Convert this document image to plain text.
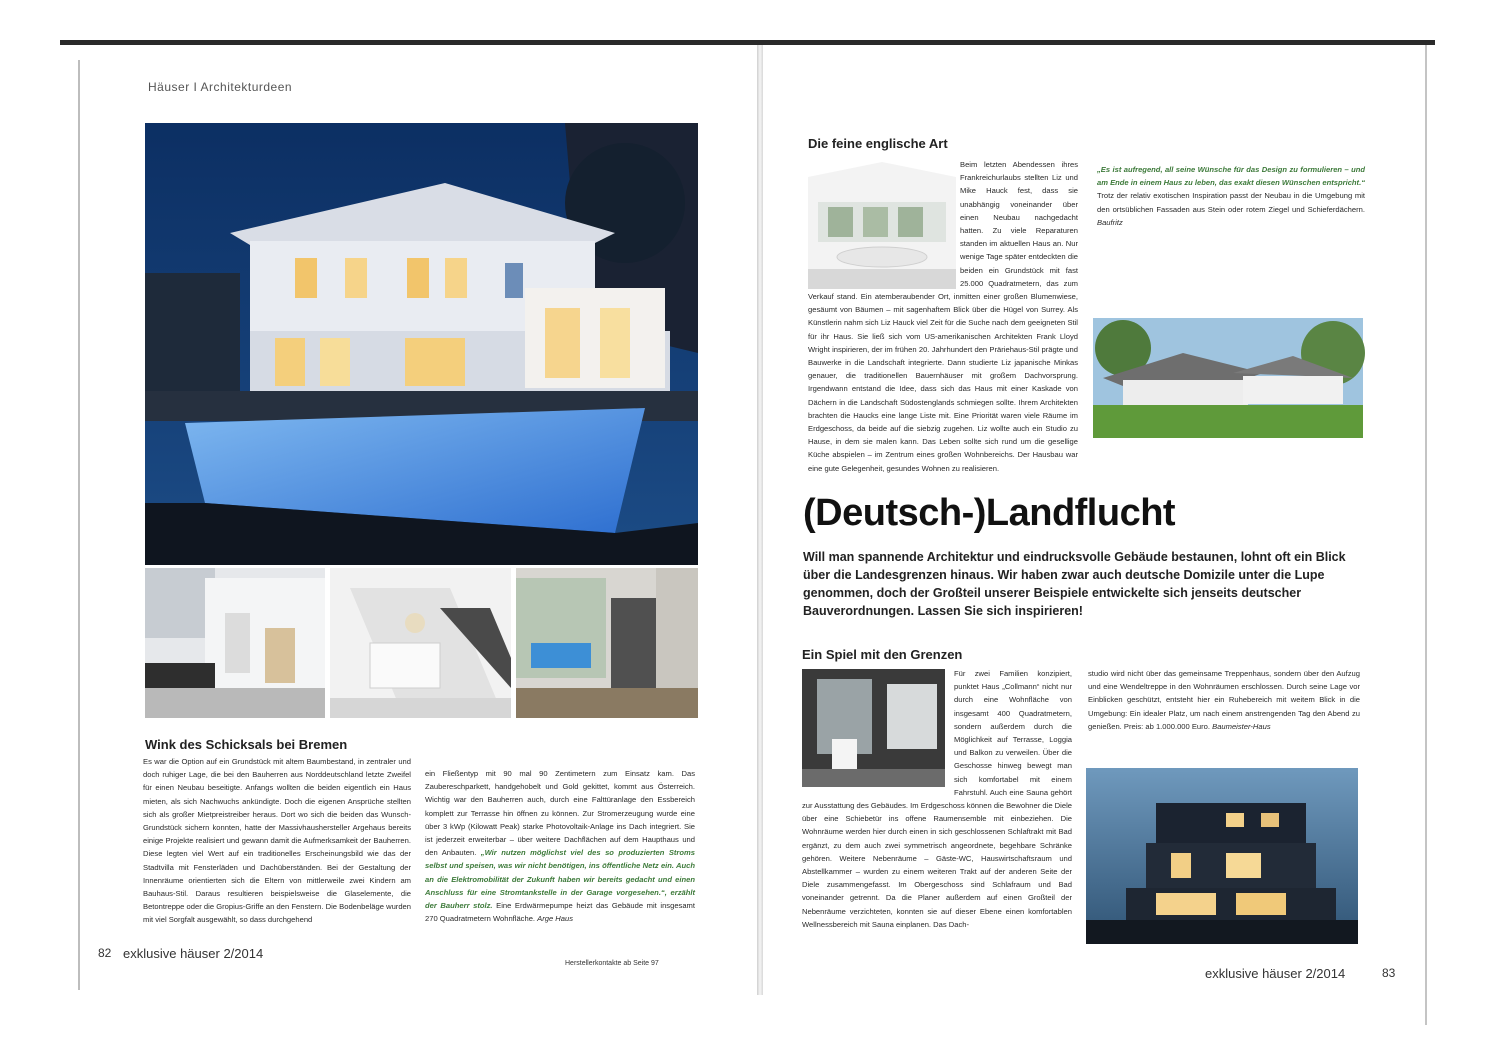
Häuser I Architekturdeen
Wink des Schicksals bei Bremen
Es war die Option auf ein Grundstück mit altem Baumbestand, in zentraler und doch ruhiger Lage, die bei den Bauherren aus Norddeutschland letzte Zweifel für einen Neubau beseitigte. Anfangs wollten die beiden eigentlich ein Haus mieten, als sich Nachwuchs ankündigte. Doch die eigenen Ansprüche stellten sich als großer Mietpreistreiber heraus. Dort wo sich die beiden das Wunsch-Grundstück sichern konnten, hatte der Massivhaushersteller Argehaus bereits einige Projekte realisiert und gewann damit die Aufmerksamkeit der Bauherren. Diese legten viel Wert auf ein traditionelles Erscheinungsbild wie das der Stadtvilla mit Fensterläden und Dachüberständen. Bei der Gestaltung der Innenräume orientierten sich die Eltern von mittlerweile zwei Kindern am Bauhaus-Stil. Daraus resultieren beispielsweise die Glaselemente, die Betontreppe oder die Gropius-Griffe an den Fenstern. Die Bodenbeläge wurden mit viel Sorgfalt ausgewählt, so dass durchgehend
ein Fließentyp mit 90 mal 90 Zentimetern zum Einsatz kam. Das Zaubereschparkett, handgehobelt und Gold gekittet, kommt aus Österreich. Wichtig war den Bauherren auch, durch eine Falttüranlage den Essbereich komplett zur Terrasse hin öffnen zu können. Zur Stromerzeugung wurde eine über 3 kWp (Kilowatt Peak) starke Photovoltaik-Anlage ins Dach integriert. Sie ist jederzeit erweiterbar – über weitere Dachflächen auf dem Haupthaus und den Anbauten. „Wir nutzen möglichst viel des so produzierten Stroms selbst und speisen, was wir nicht benötigen, ins öffentliche Netz ein. Auch an die Elektromobilität der Zukunft haben wir bereits gedacht und einen Anschluss für eine Stromtankstelle in der Garage vorgesehen.“, erzählt der Bauherr stolz. Eine Erdwärmepumpe heizt das Gebäude mit insgesamt 270 Quadratmetern Wohnfläche. Arge Haus
82 exklusive häuser 2/2014
Herstellerkontakte ab Seite 97
Die feine englische Art
Beim letzten Abendessen ihres Frankreichurlaubs stellten Liz und Mike Hauck fest, dass sie unabhängig voneinander über einen Neubau nachgedacht hatten. Zu viele Reparaturen standen im aktuellen Haus an. Nur wenige Tage später entdeckten die beiden ein Grundstück mit fast 25.000 Quadratmetern, das zum Verkauf stand. Ein atemberaubender Ort, inmitten einer großen Blumenwiese, gesäumt von Bäumen – mit sagenhaftem Blick über die Hügel von Surrey. Als Künstlerin nahm sich Liz Hauck viel Zeit für die Suche nach dem geeigneten Stil für ihr Haus. Sie ließ sich vom US-amerikanischen Architekten Frank Lloyd Wright inspirieren, der im frühen 20. Jahrhundert den Präriehaus-Stil prägte und Bauwerke in die Landschaft integrierte. Dann studierte Liz japanische Minkas genauer, die traditionellen Bauernhäuser mit großem Dachvorsprung. Irgendwann entstand die Idee, dass sich das Haus mit einer Kaskade von Dächern in die Landschaft Südostenglands schmiegen sollte. Ihrem Architekten brachten die Haucks eine lange Liste mit. Eine Priorität waren viele Räume im Erdgeschoss, da beide auf die siebzig zugehen. Liz wollte auch ein Studio zu Hause, in dem sie malen kann. Das Leben sollte sich rund um die gesellige Küche abspielen – im Zentrum eines großen Wohnbereichs. Der Hausbau war eine gute Gelegenheit, gesundes Wohnen zu realisieren.
„Es ist aufregend, all seine Wünsche für das Design zu formulieren – und am Ende in einem Haus zu leben, das exakt diesen Wünschen entspricht.“ Trotz der relativ exotischen Inspiration passt der Neubau in die Umgebung mit den ortsüblichen Fassaden aus Stein oder rotem Ziegel und Schieferdächern. Baufritz
(Deutsch-)Landflucht
Will man spannende Architektur und eindrucksvolle Gebäude bestaunen, lohnt oft ein Blick über die Landesgrenzen hinaus. Wir haben zwar auch deutsche Domizile unter die Lupe genommen, doch der Großteil unserer Beispiele entwickelte sich jenseits deutscher Bauverordnungen. Lassen Sie sich inspirieren!
Ein Spiel mit den Grenzen
Für zwei Familien konzipiert, punktet Haus „Collmann“ nicht nur durch eine Wohnfläche von insgesamt 400 Quadratmetern, sondern außerdem durch die Möglichkeit auf Terrasse, Loggia und Balkon zu verweilen. Über die Geschosse hinweg bewegt man sich komfortabel mit einem Fahrstuhl. Auch eine Sauna gehört zur Ausstattung des Gebäudes. Im Erdgeschoss können die Bewohner die Diele über eine Schiebetür ins offene Raumensemble mit einbeziehen. Die Wohnräume werden hier durch einen in sich geschlossenen Schlaftrakt mit Bad ergänzt, zu dem auch zwei symmetrisch angeordnete, begehbare Schränke gehören. Weitere Nebenräume – Gäste-WC, Hauswirtschaftsraum und Abstellkammer – wurden zu einem weiteren Trakt auf der anderen Seite der Diele zusammengefasst. Im Obergeschoss sind Schlafraum und Bad voneinander getrennt. Da die Planer außerdem auf einen Großteil der Nebenräume verzichteten, konnten sie auf dieser Ebene einen komfortablen Wellnessbereich mit Sauna einplanen. Das Dach-
studio wird nicht über das gemeinsame Treppenhaus, sondern über den Aufzug und eine Wendeltreppe in den Wohnräumen erschlossen. Durch seine Lage vor Einblicken geschützt, entsteht hier ein Ruhebereich mit weitem Blick in die Umgebung: Ein idealer Platz, um nach einem anstrengenden Tag den Abend zu genießen. Preis: ab 1.000.000 Euro. Baumeister-Haus
exklusive häuser 2/2014	83
